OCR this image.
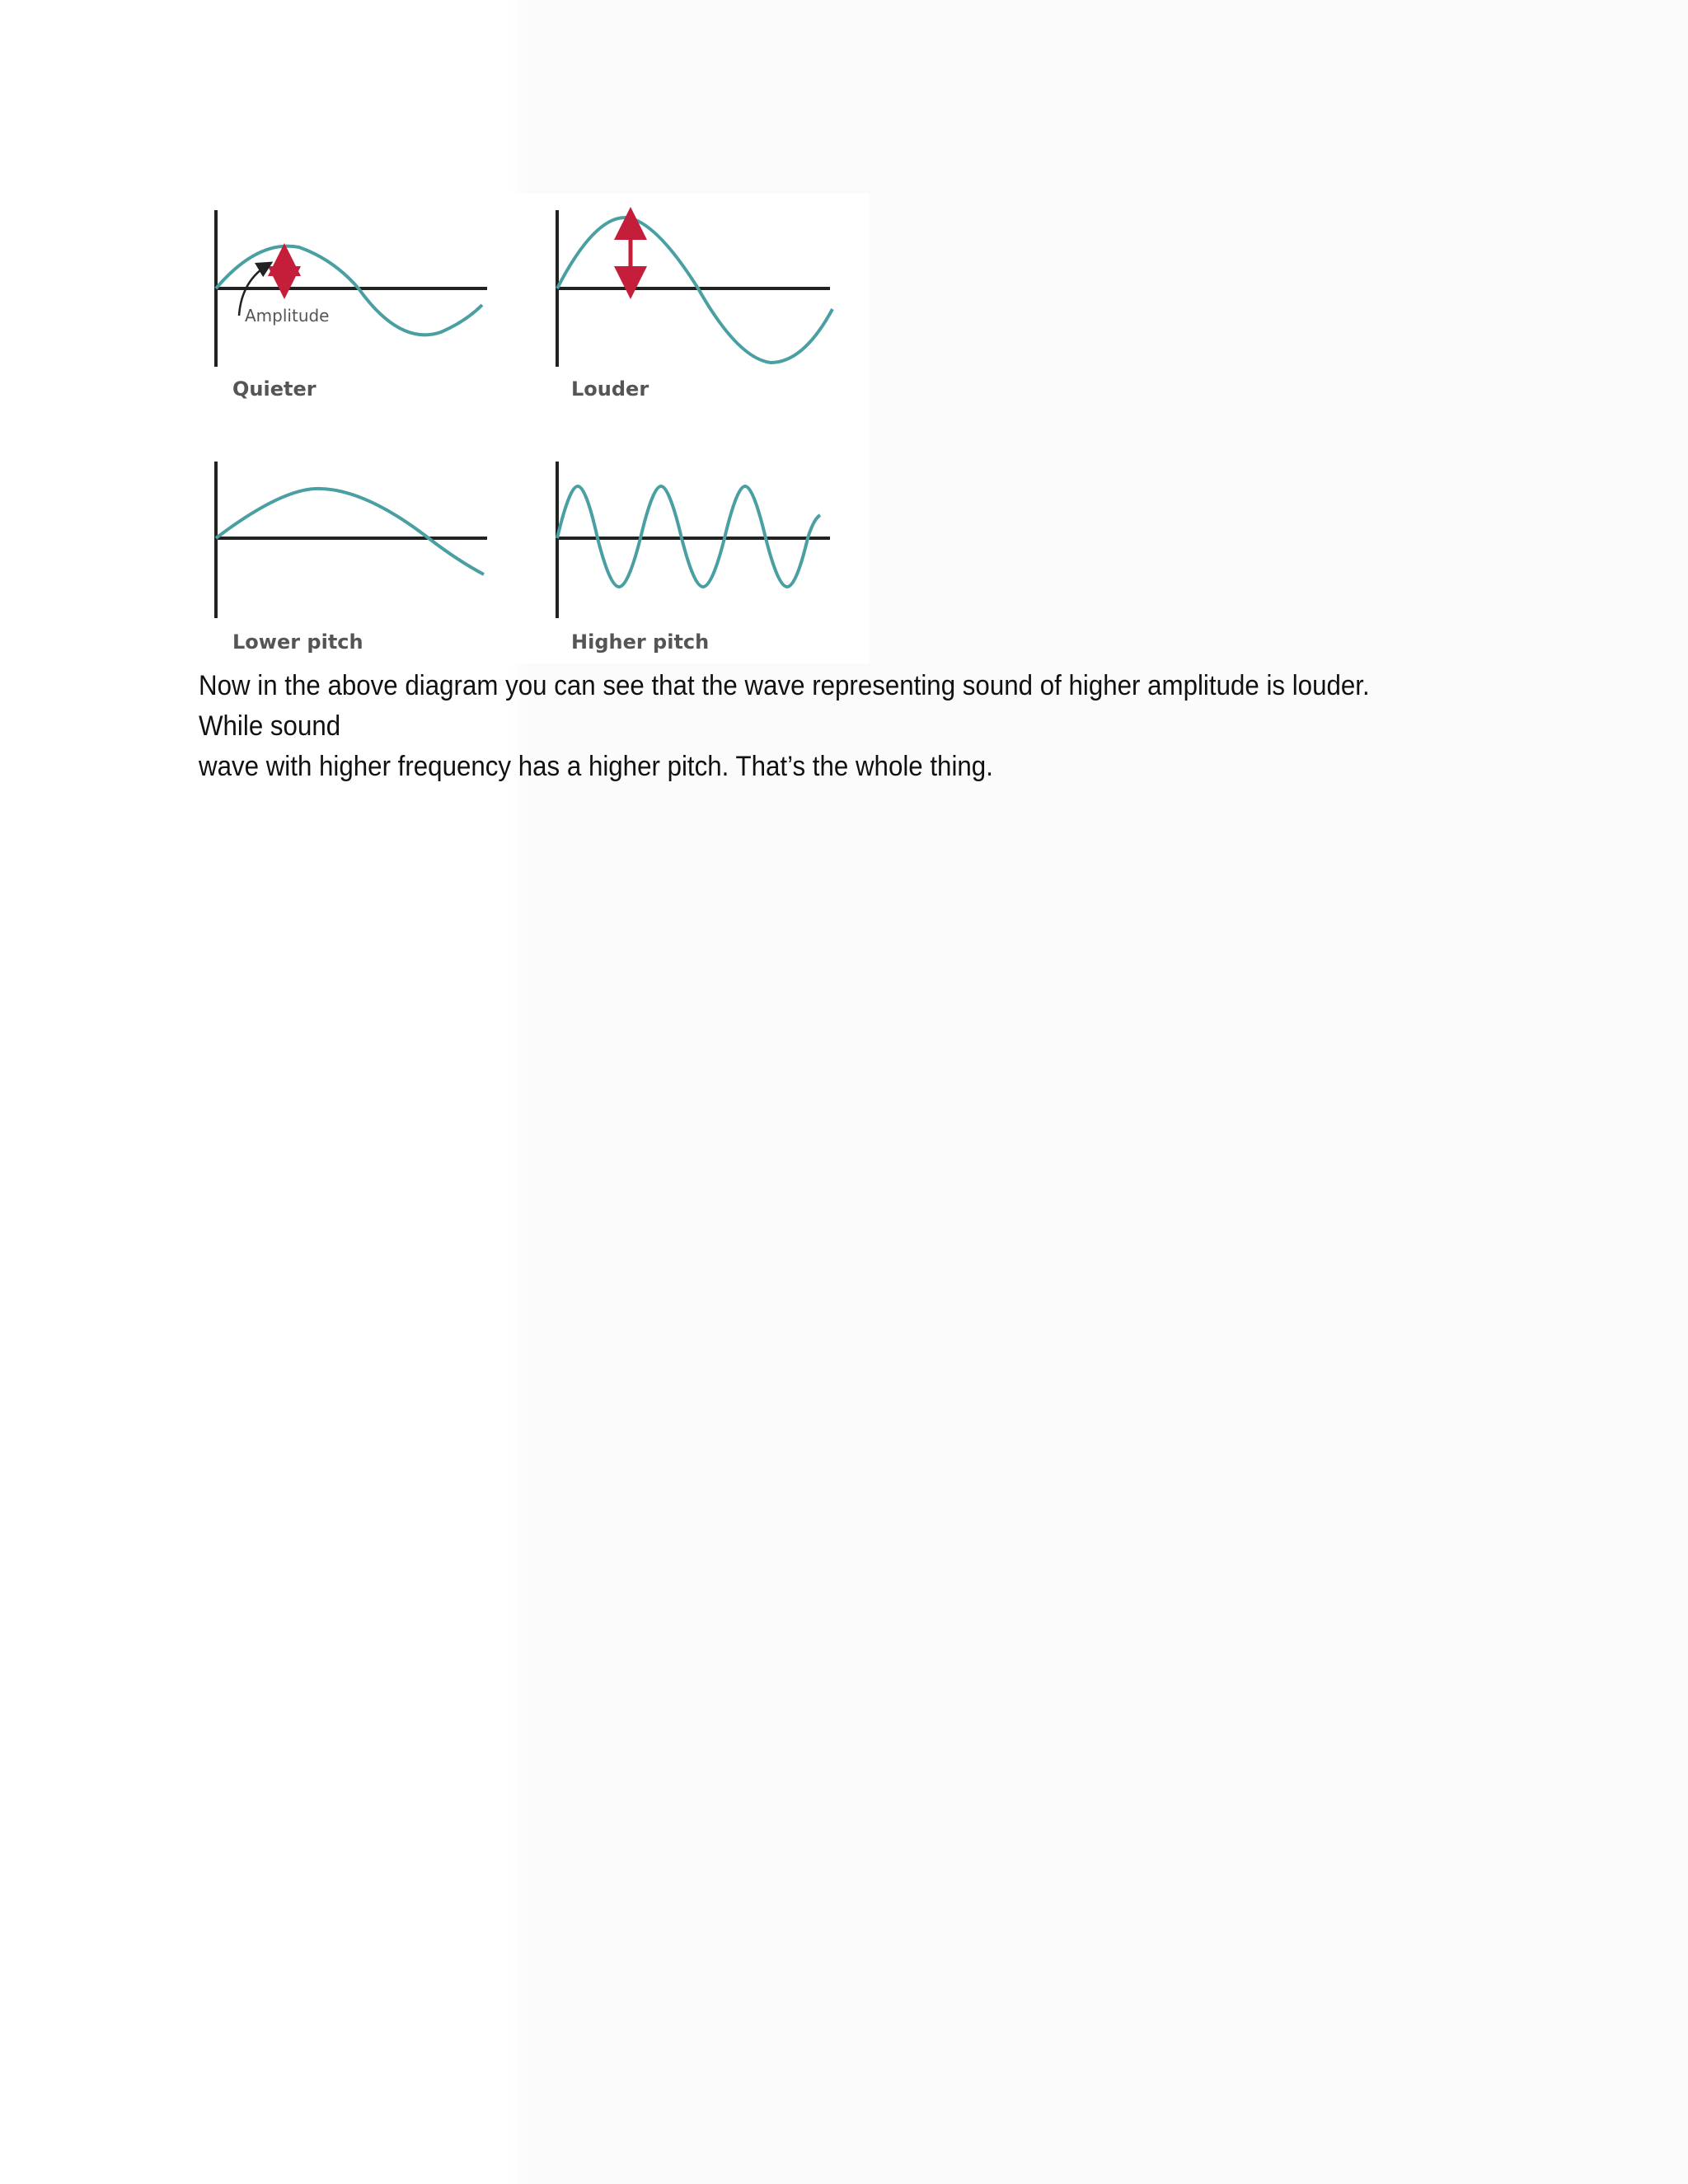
Amplitude
Quieter	Louder
Lower pitch	Higher pitch

Now in the above diagram you can see that the wave representing sound of higher amplitude is louder. While sound

wave with higher frequency has a higher pitch. That’s the whole thing.
